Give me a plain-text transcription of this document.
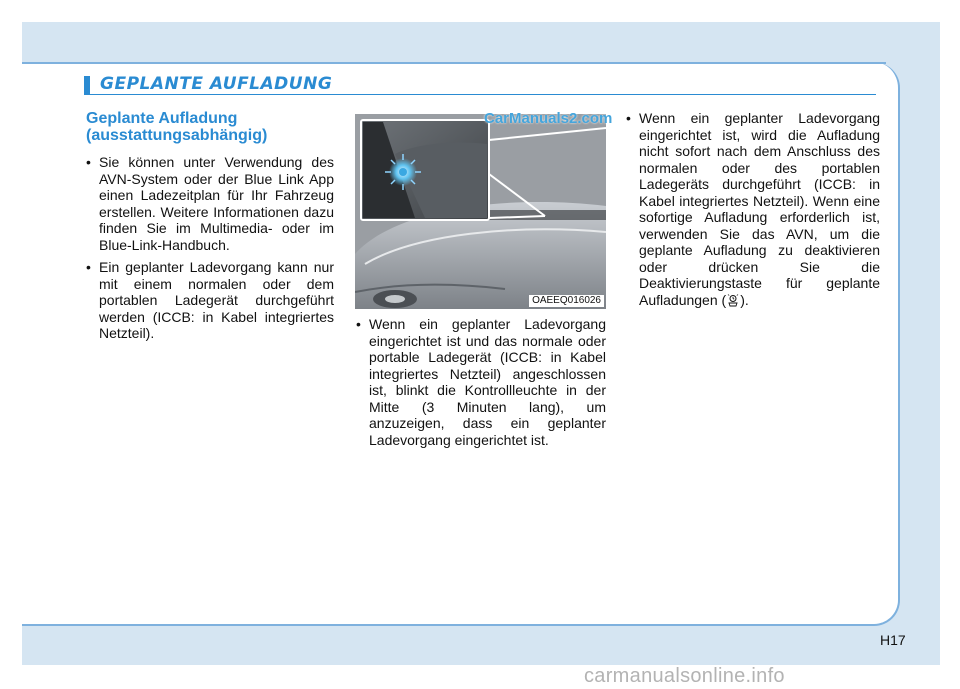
GEPLANTE AUFLADUNG
Geplante Aufladung
(ausstattungsabhängig)
• Sie können unter Verwendung des AVN-System oder der Blue Link App einen Ladezeitplan für Ihr Fahrzeug erstellen. Weitere Informationen dazu finden Sie im Multimedia- oder im Blue-Link-Handbuch.
• Ein geplanter Ladevorgang kann nur mit einem normalen oder dem portablen Ladegerät durchgeführt werden (ICCB: in Kabel integriertes Netzteil).
OAEEQ016026
CarManuals2.com
• Wenn ein geplanter Ladevorgang eingerichtet ist und das normale oder portable Ladegerät (ICCB: in Kabel integriertes Netzteil) angeschlossen ist, blinkt die Kontrollleuchte in der Mitte (3 Minuten lang), um anzuzeigen, dass ein geplanter Ladevorgang eingerichtet ist.
• Wenn ein geplanter Ladevorgang eingerichtet ist, wird die Aufladung nicht sofort nach dem Anschluss des normalen oder des portablen Ladegeräts durchgeführt (ICCB: in Kabel integriertes Netzteil). Wenn eine sofortige Aufladung erforderlich ist, verwenden Sie das AVN, um die geplante Aufladung zu deaktivieren oder drücken Sie die Deaktivierungstaste für geplante Aufladungen ( ).
H17
carmanualsonline.info
